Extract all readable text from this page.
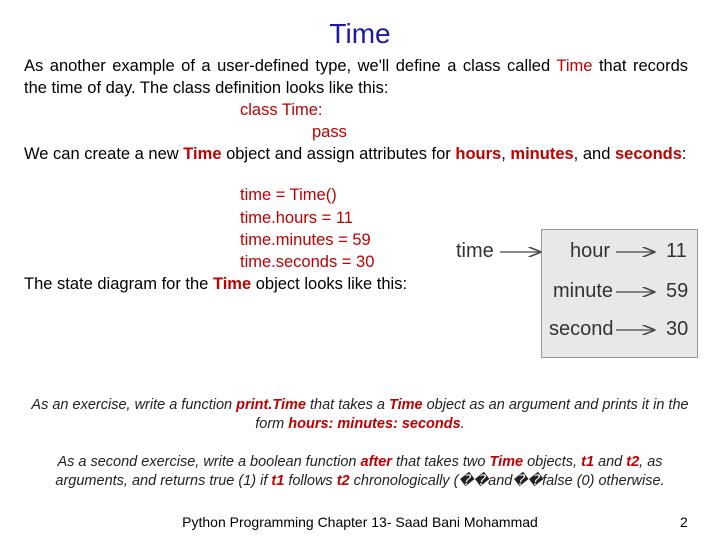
Time
As another example of a user-defined type, we'll define a class called Time that records the time of day. The class definition looks like this:
class Time:
pass
We can create a new Time object and assign attributes for hours, minutes, and seconds:
time = Time()
time.hours = 11
time.minutes = 59
time.seconds = 30
The state diagram for the Time object looks like this:
time	hour	11
minute	59
second	30
As an exercise, write a function print.Time that takes a Time object as an argument and prints it in the form hours: minutes: seconds.
As a second exercise, write a boolean function after that takes two Time objects, t1 and t2, as arguments, and returns true (1) if t1 follows t2 chronologically (��and��false (0) otherwise.
Python Programming Chapter 13- Saad Bani Mohammad	2
